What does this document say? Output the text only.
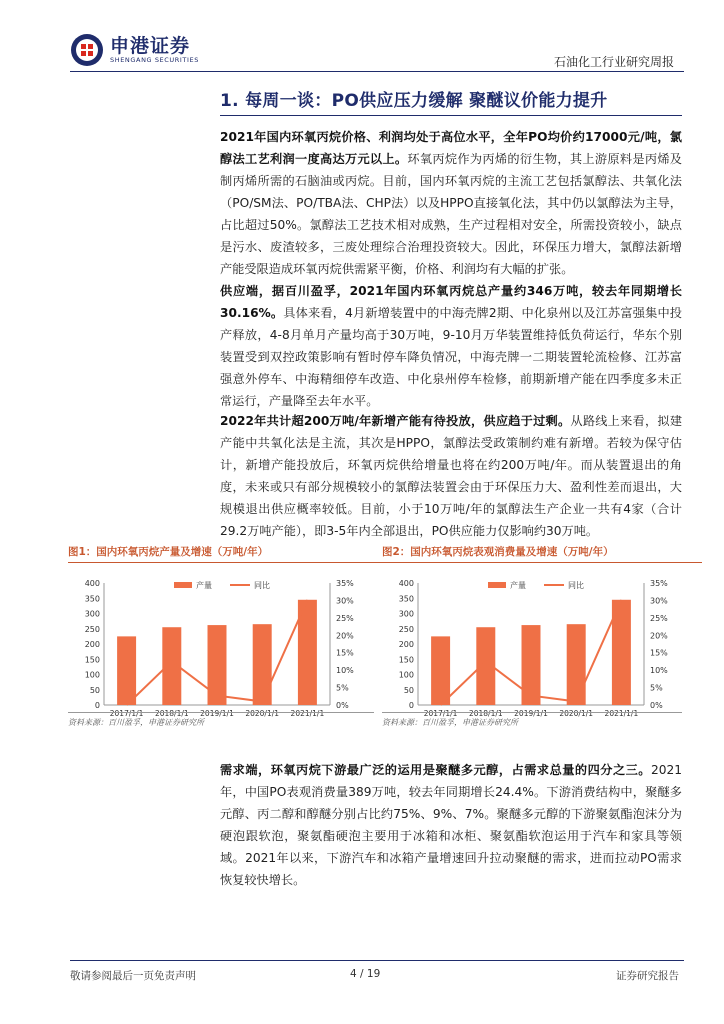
申港证券
SHENGANG SECURITIES	石油化工行业研究周报
1. 每周一谈：PO供应压力缓解 聚醚议价能力提升
2021年国内环氧丙烷价格、利润均处于高位水平，全年PO均价约17000元/吨，氯醇法工艺利润一度高达万元以上。环氧丙烷作为丙烯的衍生物，其上游原料是丙烯及制丙烯所需的石脑油或丙烷。目前，国内环氧丙烷的主流工艺包括氯醇法、共氧化法（PO/SM法、PO/TBA法、CHP法）以及HPPO直接氧化法，其中仍以氯醇法为主导，占比超过50%。氯醇法工艺技术相对成熟，生产过程相对安全，所需投资较小，缺点是污水、废渣较多，三废处理综合治理投资较大。因此，环保压力增大，氯醇法新增产能受限造成环氧丙烷供需紧平衡，价格、利润均有大幅的扩张。
供应端，据百川盈孚，2021年国内环氧丙烷总产量约346万吨，较去年同期增长30.16%。具体来看，4月新增装置中的中海壳牌2期、中化泉州以及江苏富强集中投产释放，4-8月单月产量均高于30万吨，9-10月万华装置维持低负荷运行，华东个别装置受到双控政策影响有暂时停车降负情况，中海壳牌一二期装置轮流检修、江苏富强意外停车、中海精细停车改造、中化泉州停车检修，前期新增产能在四季度多未正常运行，产量降至去年水平。
2022年共计超200万吨/年新增产能有待投放，供应趋于过剩。从路线上来看，拟建产能中共氧化法是主流，其次是HPPO，氯醇法受政策制约难有新增。若较为保守估计，新增产能投放后，环氧丙烷供给增量也将在约200万吨/年。而从装置退出的角度，未来或只有部分规模较小的氯醇法装置会由于环保压力大、盈利性差而退出，大规模退出供应概率较低。目前，小于10万吨/年的氯醇法生产企业一共有4家（合计29.2万吨产能），即3-5年内全部退出，PO供应能力仅影响约30万吨。
图1：国内环氧丙烷产量及增速（万吨/年）
0
50
100
150
200
250
300
350
400
0%
5%
10%
15%
20%
25%
30%
35%
2017/1/1 2018/1/1 2019/1/1 2020/1/1 2021/1/1
产量	同比
资料来源：百川盈孚，申港证券研究所
图2：国内环氧丙烷表观消费量及增速（万吨/年）
0
50
100
150
200
250
300
350
400
0%
5%
10%
15%
20%
25%
30%
35%
2017/1/1 2018/1/1 2019/1/1 2020/1/1 2021/1/1
产量	同比
资料来源：百川盈孚，申港证券研究所
需求端，环氧丙烷下游最广泛的运用是聚醚多元醇，占需求总量的四分之三。2021年，中国PO表观消费量389万吨，较去年同期增长24.4%。下游消费结构中，聚醚多元醇、丙二醇和醇醚分别占比约75%、9%、7%。聚醚多元醇的下游聚氨酯泡沫分为硬泡跟软泡，聚氨酯硬泡主要用于冰箱和冰柜、聚氨酯软泡运用于汽车和家具等领域。2021年以来，下游汽车和冰箱产量增速回升拉动聚醚的需求，进而拉动PO需求恢复较快增长。
敬请参阅最后一页免责声明	4 / 19	证券研究报告
